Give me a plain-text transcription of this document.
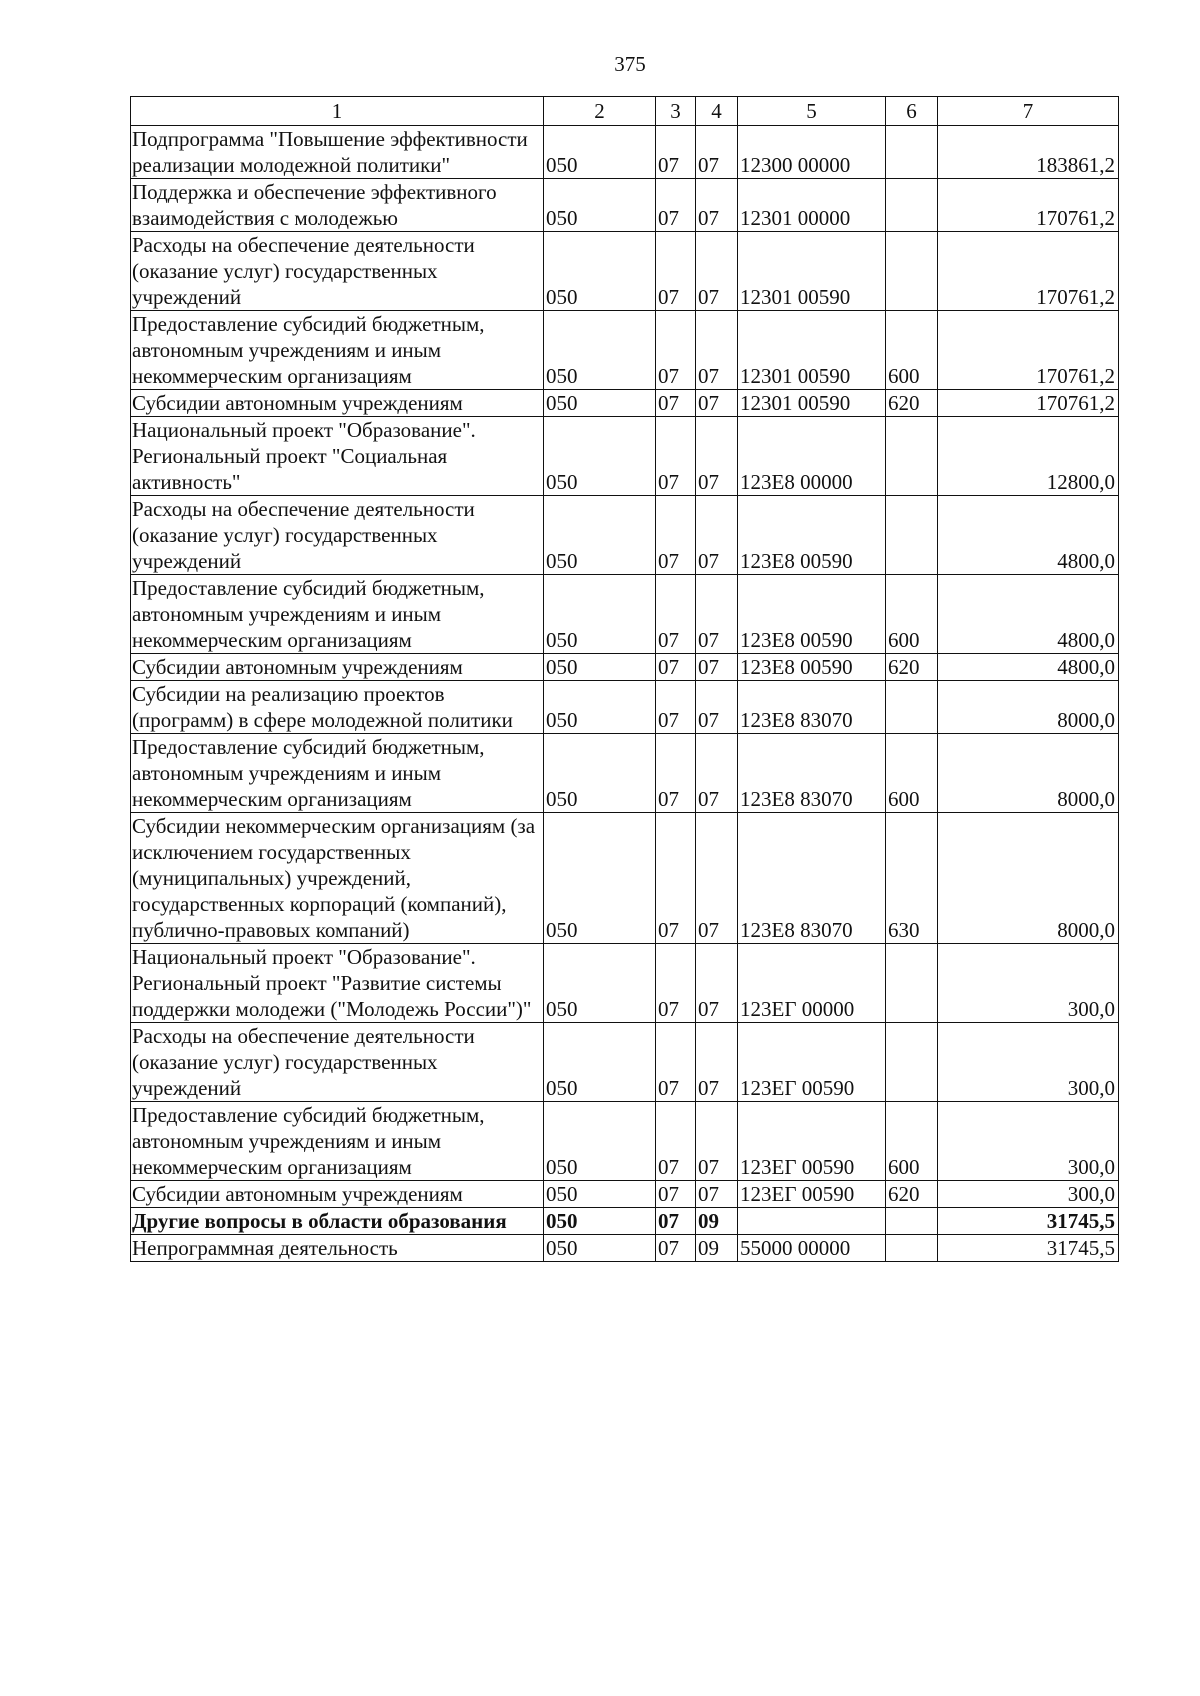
375
1	2	3	4	5	6	7
Подпрограмма "Повышение эффективности реализации молодежной политики"	050	07	07	12300 00000		183861,2
Поддержка и обеспечение эффективного взаимодействия с молодежью	050	07	07	12301 00000		170761,2
Расходы на обеспечение деятельности (оказание услуг) государственных учреждений	050	07	07	12301 00590		170761,2
Предоставление субсидий бюджетным, автономным учреждениям и иным некоммерческим организациям	050	07	07	12301 00590	600	170761,2
Субсидии автономным учреждениям	050	07	07	12301 00590	620	170761,2
Национальный проект "Образование". Региональный проект "Социальная активность"	050	07	07	123E8 00000		12800,0
Расходы на обеспечение деятельности (оказание услуг) государственных учреждений	050	07	07	123E8 00590		4800,0
Предоставление субсидий бюджетным, автономным учреждениям и иным некоммерческим организациям	050	07	07	123E8 00590	600	4800,0
Субсидии автономным учреждениям	050	07	07	123E8 00590	620	4800,0
Субсидии на реализацию проектов (программ) в сфере молодежной политики	050	07	07	123E8 83070		8000,0
Предоставление субсидий бюджетным, автономным учреждениям и иным некоммерческим организациям	050	07	07	123E8 83070	600	8000,0
Субсидии некоммерческим организациям (за исключением государственных (муниципальных) учреждений, государственных корпораций (компаний), публично-правовых компаний)	050	07	07	123E8 83070	630	8000,0
Национальный проект "Образование". Региональный проект "Развитие системы поддержки молодежи ("Молодежь России")"	050	07	07	123ЕГ 00000		300,0
Расходы на обеспечение деятельности (оказание услуг) государственных учреждений	050	07	07	123ЕГ 00590		300,0
Предоставление субсидий бюджетным, автономным учреждениям и иным некоммерческим организациям	050	07	07	123ЕГ 00590	600	300,0
Субсидии автономным учреждениям	050	07	07	123ЕГ 00590	620	300,0
Другие вопросы в области образования	050	07	09			31745,5
Непрограммная деятельность	050	07	09	55000 00000		31745,5
